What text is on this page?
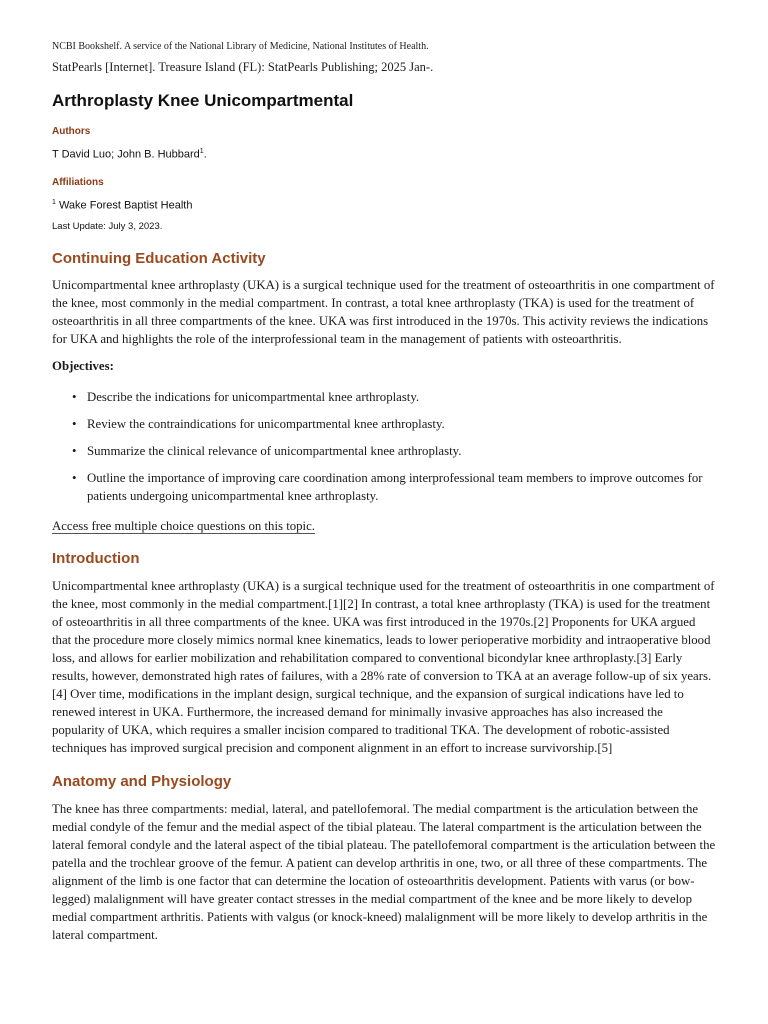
NCBI Bookshelf. A service of the National Library of Medicine, National Institutes of Health.

StatPearls [Internet]. Treasure Island (FL): StatPearls Publishing; 2025 Jan-.

Arthroplasty Knee Unicompartmental

Authors

T David Luo; John B. Hubbard$^1$.

Affiliations

$^1$ Wake Forest Baptist Health

Last Update: July 3, 2023.

Continuing Education Activity

Unicompartmental knee arthroplasty (UKA) is a surgical technique used for the treatment of osteoarthritis in one compartment of the knee, most commonly in the medial compartment. In contrast, a total knee arthroplasty (TKA) is used for the treatment of osteoarthritis in all three compartments of the knee. UKA was first introduced in the 1970s. This activity reviews the indications for UKA and highlights the role of the interprofessional team in the management of patients with osteoarthritis.

Objectives:

• Describe the indications for unicompartmental knee arthroplasty.
• Review the contraindications for unicompartmental knee arthroplasty.
• Summarize the clinical relevance of unicompartmental knee arthroplasty.
• Outline the importance of improving care coordination among interprofessional team members to improve outcomes for patients undergoing unicompartmental knee arthroplasty.

Access free multiple choice questions on this topic.

Introduction

Unicompartmental knee arthroplasty (UKA) is a surgical technique used for the treatment of osteoarthritis in one compartment of the knee, most commonly in the medial compartment.[1][2] In contrast, a total knee arthroplasty (TKA) is used for the treatment of osteoarthritis in all three compartments of the knee. UKA was first introduced in the 1970s.[2] Proponents for UKA argued that the procedure more closely mimics normal knee kinematics, leads to lower perioperative morbidity and intraoperative blood loss, and allows for earlier mobilization and rehabilitation compared to conventional bicondylar knee arthroplasty.[3] Early results, however, demonstrated high rates of failures, with a 28% rate of conversion to TKA at an average follow-up of six years.[4] Over time, modifications in the implant design, surgical technique, and the expansion of surgical indications have led to renewed interest in UKA. Furthermore, the increased demand for minimally invasive approaches has also increased the popularity of UKA, which requires a smaller incision compared to traditional TKA. The development of robotic-assisted techniques has improved surgical precision and component alignment in an effort to increase survivorship.[5]

Anatomy and Physiology

The knee has three compartments: medial, lateral, and patellofemoral. The medial compartment is the articulation between the medial condyle of the femur and the medial aspect of the tibial plateau. The lateral compartment is the articulation between the lateral femoral condyle and the lateral aspect of the tibial plateau. The patellofemoral compartment is the articulation between the patella and the trochlear groove of the femur. A patient can develop arthritis in one, two, or all three of these compartments. The alignment of the limb is one factor that can determine the location of osteoarthritis development. Patients with varus (or bow-legged) malalignment will have greater contact stresses in the medial compartment of the knee and be more likely to develop medial compartment arthritis. Patients with valgus (or knock-kneed) malalignment will be more likely to develop arthritis in the lateral compartment.
